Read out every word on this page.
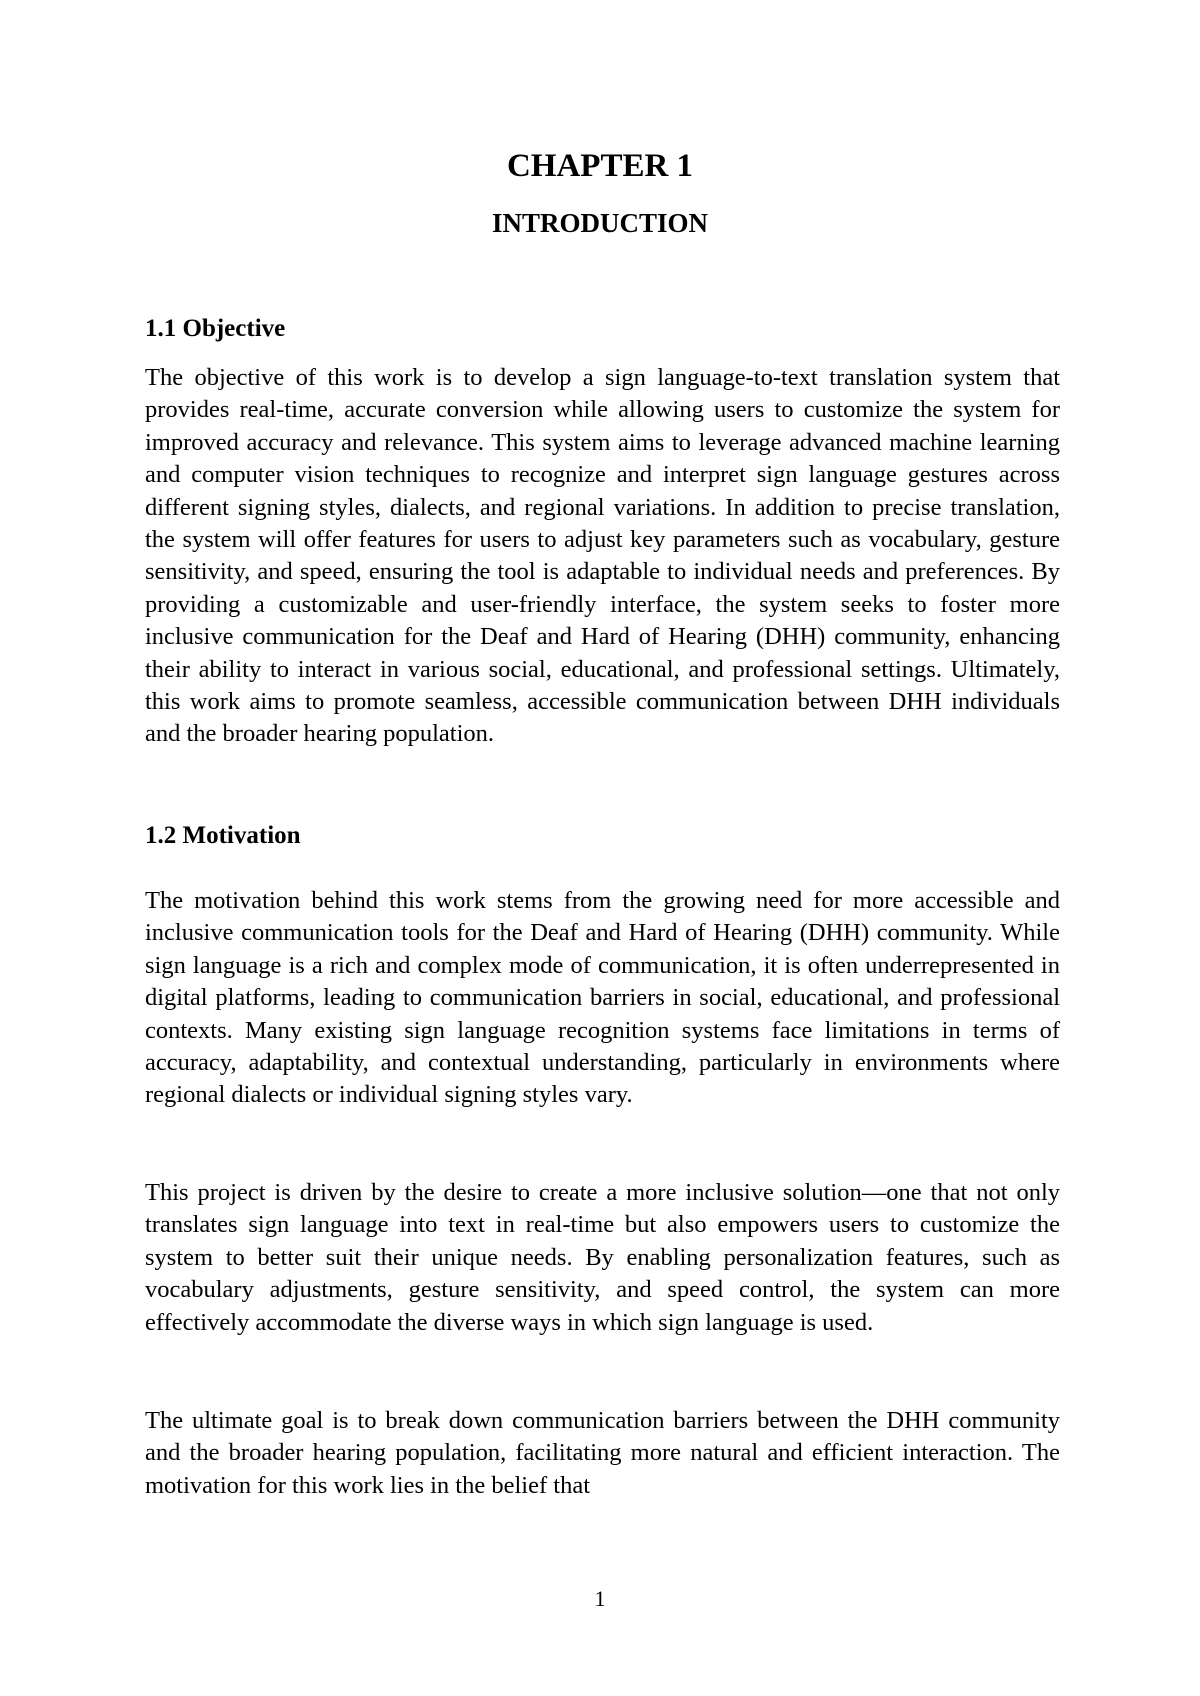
CHAPTER 1
INTRODUCTION
1.1 Objective

The objective of this work is to develop a sign language-to-text translation system that provides real-time, accurate conversion while allowing users to customize the system for improved accuracy and relevance. This system aims to leverage advanced machine learning and computer vision techniques to recognize and interpret sign language gestures across different signing styles, dialects, and regional variations. In addition to precise translation, the system will offer features for users to adjust key parameters such as vocabulary, gesture sensitivity, and speed, ensuring the tool is adaptable to individual needs and preferences. By providing a customizable and user-friendly interface, the system seeks to foster more inclusive communication for the Deaf and Hard of Hearing (DHH) community, enhancing their ability to interact in various social, educational, and professional settings. Ultimately, this work aims to promote seamless, accessible communication between DHH individuals and the broader hearing population.

1.2 Motivation

The motivation behind this work stems from the growing need for more accessible and inclusive communication tools for the Deaf and Hard of Hearing (DHH) community. While sign language is a rich and complex mode of communication, it is often underrepresented in digital platforms, leading to communication barriers in social, educational, and professional contexts. Many existing sign language recognition systems face limitations in terms of accuracy, adaptability, and contextual understanding, particularly in environments where regional dialects or individual signing styles vary.

This project is driven by the desire to create a more inclusive solution—one that not only translates sign language into text in real-time but also empowers users to customize the system to better suit their unique needs. By enabling personalization features, such as vocabulary adjustments, gesture sensitivity, and speed control, the system can more effectively accommodate the diverse ways in which sign language is used.

The ultimate goal is to break down communication barriers between the DHH community and the broader hearing population, facilitating more natural and efficient interaction. The motivation for this work lies in the belief that

1
